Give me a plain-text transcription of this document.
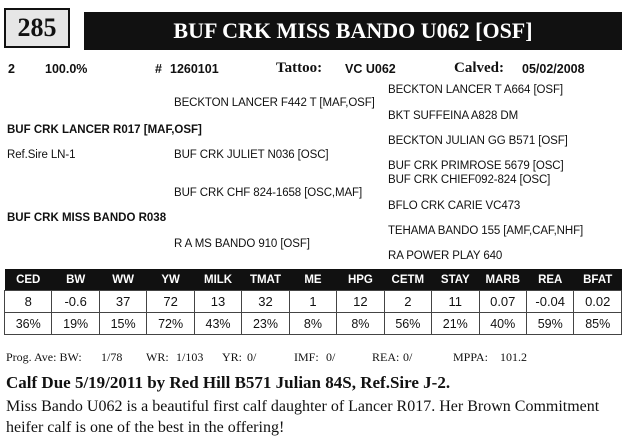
285	BUF CRK MISS BANDO U062 [OSF]
2 100.0%	# 1260101	Tattoo: VC U062	Calved: 05/02/2008
BECKTON LANCER T A664 [OSF]
BECKTON LANCER F442 T [MAF,OSF]
BKT SUFFEINA A828 DM
BUF CRK LANCER R017 [MAF,OSF]
BECKTON JULIAN GG B571 [OSF]
Ref.Sire LN-1	BUF CRK JULIET N036 [OSC]
BUF CRK PRIMROSE 5679 [OSC]
BUF CRK CHIEF092-824 [OSC]
BUF CRK CHF 824-1658 [OSC,MAF]
BFLO CRK CARIE VC473
BUF CRK MISS BANDO R038
TEHAMA BANDO 155 [AMF,CAF,NHF]
R A MS BANDO 910 [OSF]
RA POWER PLAY 640
CED	BW	WW	YW	MILK	TMAT	ME	HPG	CETM	STAY	MARB	REA	BFAT
8	-0.6	37	72	13	32	1	12	2	11	0.07	-0.04	0.02
36%	19%	15%	72%	43%	23%	8%	8%	56%	21%	40%	59%	85%
Prog. Ave: BW: 1/78 WR: 1/103 YR: 0/	IMF: 0/	REA: 0/	MPPA: 101.2
Calf Due 5/19/2011 by Red Hill B571 Julian 84S, Ref.Sire J-2.
Miss Bando U062 is a beautiful first calf daughter of Lancer R017. Her Brown Commitment heifer calf is one of the best in the offering!
